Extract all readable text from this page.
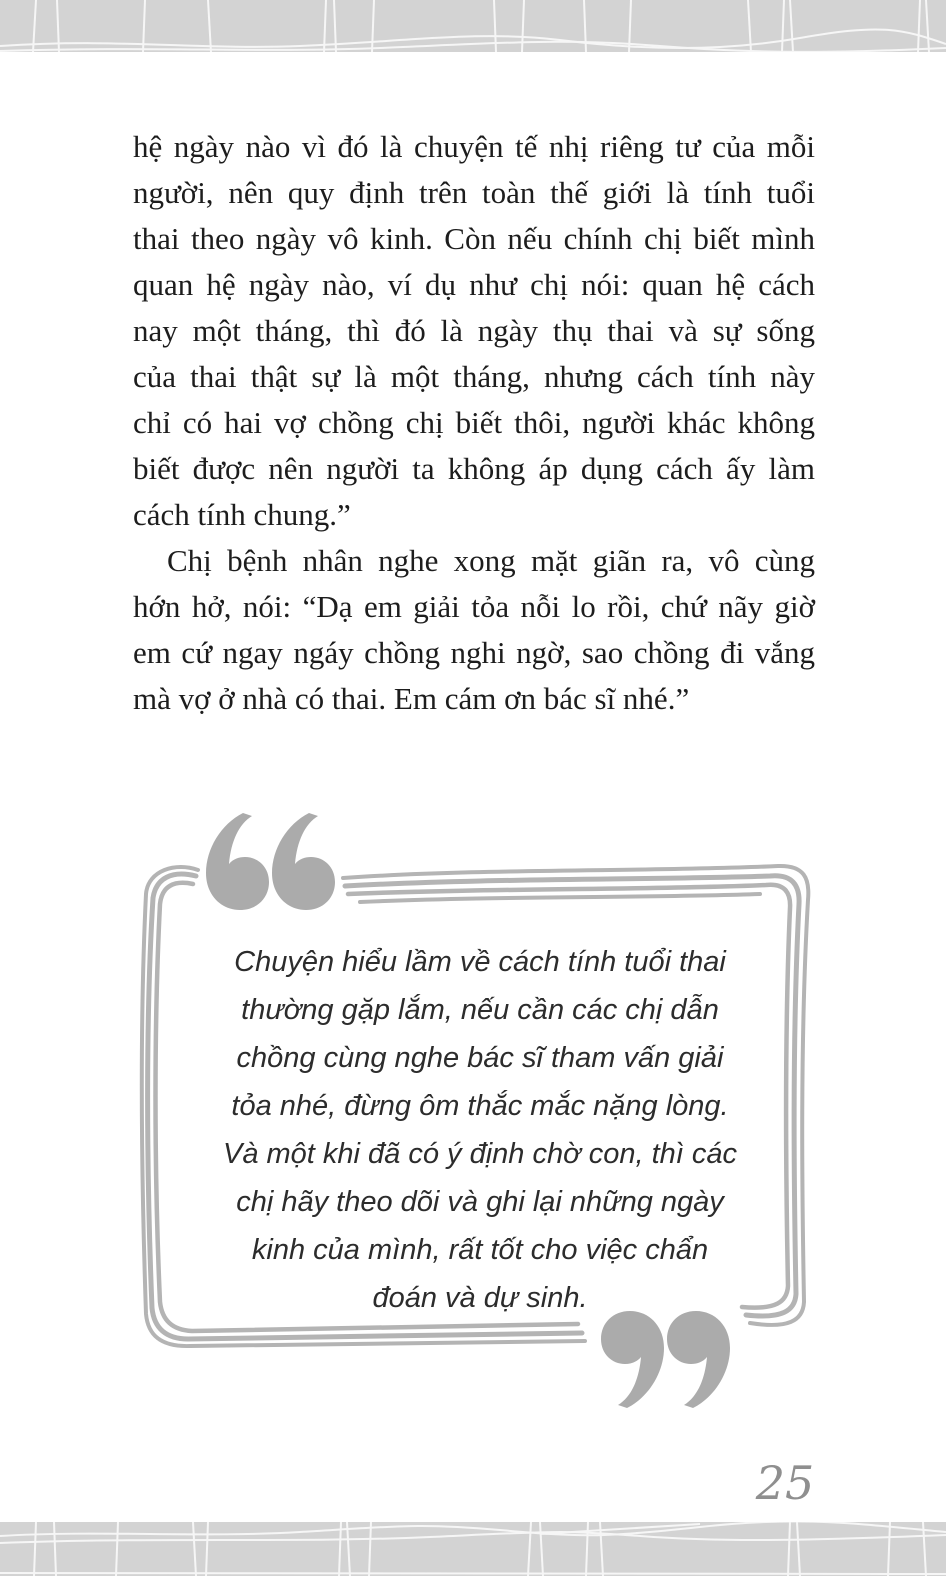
hệ ngày nào vì đó là chuyện tế nhị riêng tư của mỗi
người, nên quy định trên toàn thế giới là tính tuổi
thai theo ngày vô kinh. Còn nếu chính chị biết mình
quan hệ ngày nào, ví dụ như chị nói: quan hệ cách
nay một tháng, thì đó là ngày thụ thai và sự sống
của thai thật sự là một tháng, nhưng cách tính này
chỉ có hai vợ chồng chị biết thôi, người khác không
biết được nên người ta không áp dụng cách ấy làm
cách tính chung.”
Chị bệnh nhân nghe xong mặt giãn ra, vô cùng
hớn hở, nói: “Dạ em giải tỏa nỗi lo rồi, chứ nãy giờ
em cứ ngay ngáy chồng nghi ngờ, sao chồng đi vắng
mà vợ ở nhà có thai. Em cám ơn bác sĩ nhé.”
Chuyện hiểu lầm về cách tính tuổi thai
thường gặp lắm, nếu cần các chị dẫn
chồng cùng nghe bác sĩ tham vấn giải
tỏa nhé, đừng ôm thắc mắc nặng lòng.
Và một khi đã có ý định chờ con, thì các
chị hãy theo dõi và ghi lại những ngày
kinh của mình, rất tốt cho việc chẩn
đoán và dự sinh.
25
